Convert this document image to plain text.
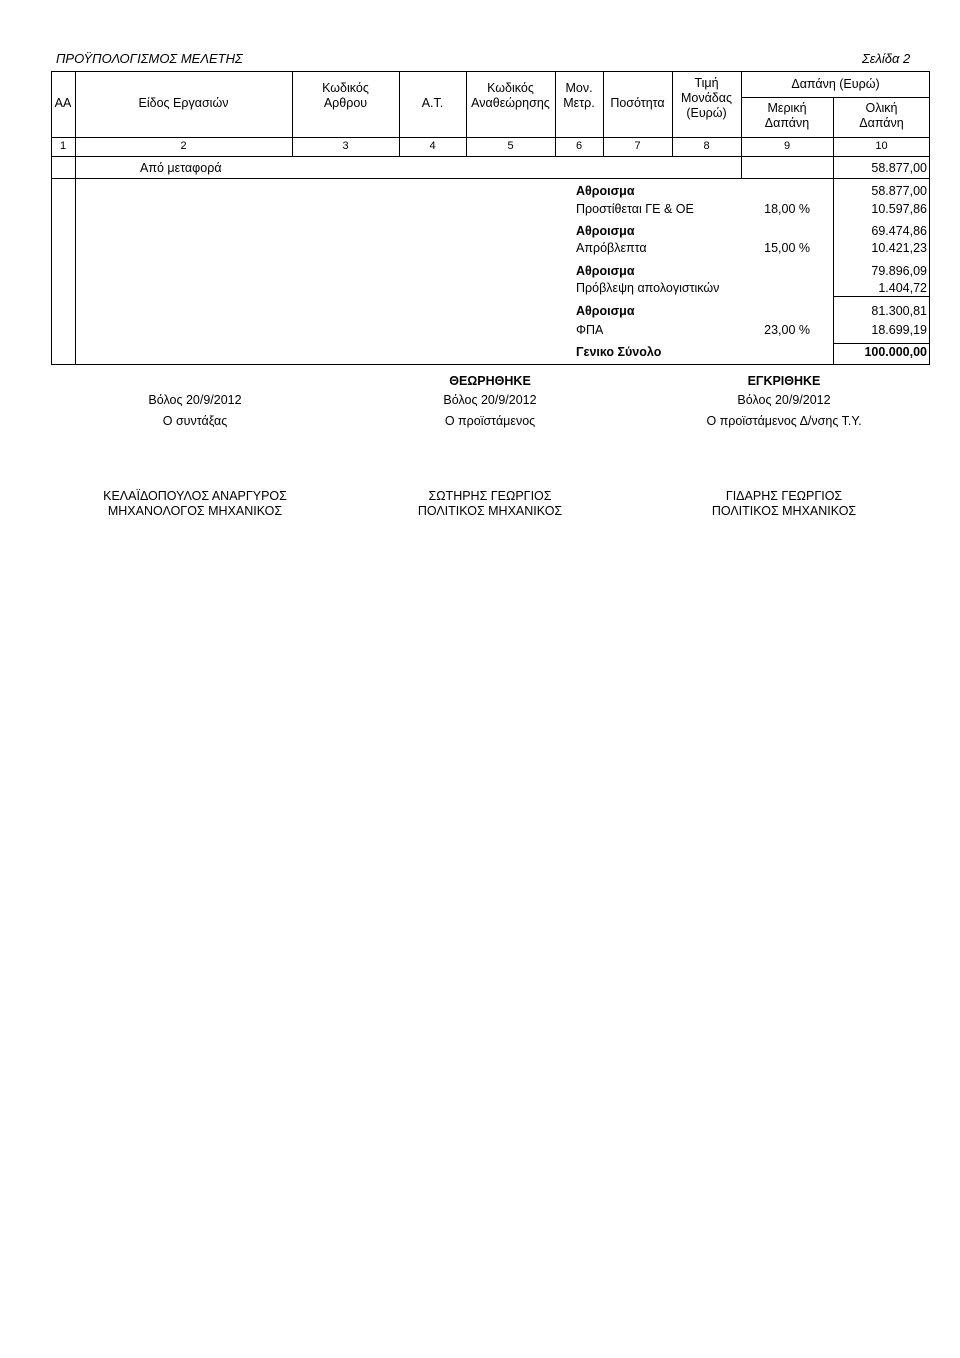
ΠΡΟΫΠΟΛΟΓΙΣΜΟΣ ΜΕΛΕΤΗΣ	Σελίδα 2
ΑΑ	Είδος Εργασιών
Κωδικός
Αρθρου	Α.Τ.
Κωδικός
Αναθεώρησης
Μον.
Μετρ.	Ποσότητα
Τιμή
Μονάδας
(Ευρώ)
Δαπάνη (Ευρώ)
Μερική
Δαπάνη
Ολική
Δαπάνη
1	2	3	4	5	6	7	8	9	10
Από μεταφορά	58.877,00
Αθροισμα	58.877,00
Προστίθεται ΓΕ & ΟΕ	18,00 %	10.597,86
Αθροισμα	69.474,86
Απρόβλεπτα	15,00 %	10.421,23
Αθροισμα	79.896,09
Πρόβλεψη απολογιστικών	1.404,72
Αθροισμα	81.300,81
ΦΠΑ	23,00 %	18.699,19
Γενικο Σύνολο	100.000,00
Βόλος 20/9/2012
Ο συντάξας
ΚΕΛΑΪΔΟΠΟΥΛΟΣ ΑΝΑΡΓΥΡΟΣ
ΜΗΧΑΝΟΛΟΓΟΣ ΜΗΧΑΝΙΚΟΣ
ΘΕΩΡΗΘΗΚΕ
Βόλος 20/9/2012
Ο προϊστάμενος
ΣΩΤΗΡΗΣ ΓΕΩΡΓΙΟΣ
ΠΟΛΙΤΙΚΟΣ ΜΗΧΑΝΙΚΟΣ
ΕΓΚΡΙΘΗΚΕ
Βόλος 20/9/2012
Ο προϊστάμενος Δ/νσης Τ.Υ.
ΓΙΔΑΡΗΣ ΓΕΩΡΓΙΟΣ
ΠΟΛΙΤΙΚΟΣ ΜΗΧΑΝΙΚΟΣ
